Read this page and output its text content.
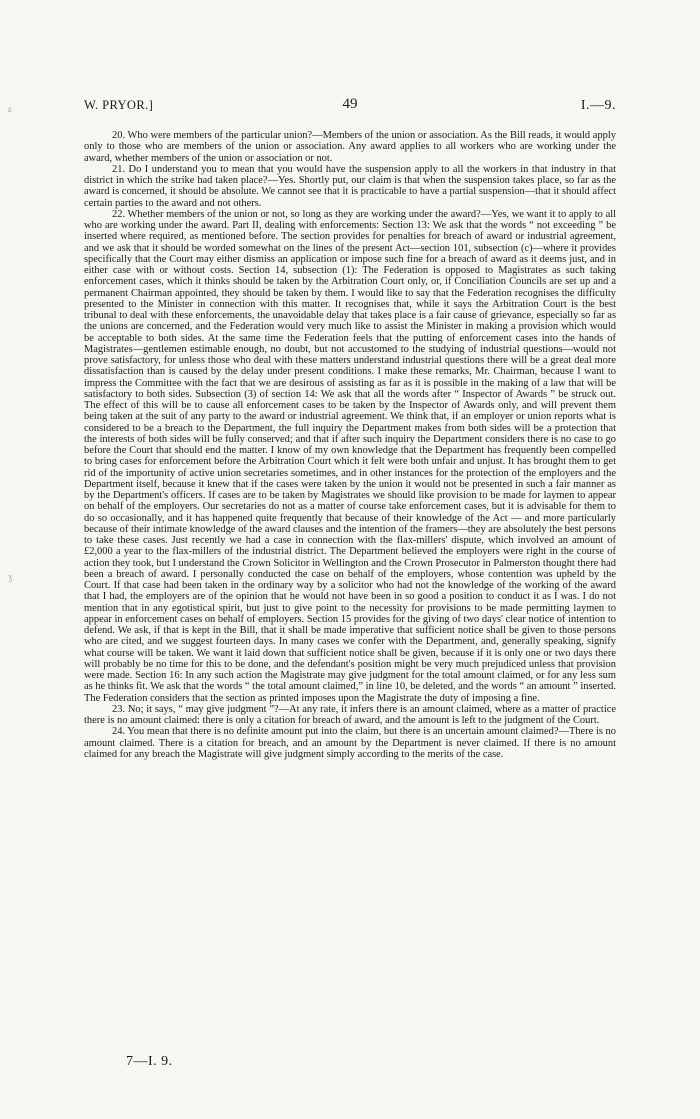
ɛ
ʒ
W. PRYOR.]	49	I.—9.

20. Who were members of the particular union?—Members of the union or association. As the Bill reads, it would apply only to those who are members of the union or association. Any award applies to all workers who are working under the award, whether members of the union or association or not.

21. Do I understand you to mean that you would have the suspension apply to all the workers in that industry in that district in which the strike had taken place?—Yes. Shortly put, our claim is that when the suspension takes place, so far as the award is concerned, it should be absolute. We cannot see that it is practicable to have a partial suspension—that it should affect certain parties to the award and not others.

22. Whether members of the union or not, so long as they are working under the award?—Yes, we want it to apply to all who are working under the award. Part II, dealing with enforcements: Section 13: We ask that the words “ not exceeding ” be inserted where required, as mentioned before. The section provides for penalties for breach of award or industrial agreement, and we ask that it should be worded somewhat on the lines of the present Act—section 101, subsection (c)—where it provides specifically that the Court may either dismiss an application or impose such fine for a breach of award as it deems just, and in either case with or without costs. Section 14, subsection (1): The Federation is opposed to Magistrates as such taking enforcement cases, which it thinks should be taken by the Arbitration Court only, or, if Conciliation Councils are set up and a permanent Chairman appointed, they should be taken by them. I would like to say that the Federation recognises the difficulty presented to the Minister in connection with this matter. It recognises that, while it says the Arbitration Court is the best tribunal to deal with these enforcements, the unavoidable delay that takes place is a fair cause of grievance, especially so far as the unions are concerned, and the Federation would very much like to assist the Minister in making a provision which would be acceptable to both sides. At the same time the Federation feels that the putting of enforcement cases into the hands of Magistrates—gentlemen estimable enough, no doubt, but not accustomed to the studying of industrial questions—would not prove satisfactory, for unless those who deal with these matters understand industrial questions there will be a great deal more dissatisfaction than is caused by the delay under present conditions. I make these remarks, Mr. Chairman, because I want to impress the Committee with the fact that we are desirous of assisting as far as it is possible in the making of a law that will be satisfactory to both sides. Subsection (3) of section 14: We ask that all the words after “ Inspector of Awards ” be struck out. The effect of this will be to cause all enforcement cases to be taken by the Inspector of Awards only, and will prevent them being taken at the suit of any party to the award or industrial agreement. We think that, if an employer or union reports what is considered to be a breach to the Department, the full inquiry the Department makes from both sides will be a protection that the interests of both sides will be fully conserved; and that if after such inquiry the Department considers there is no case to go before the Court that should end the matter. I know of my own knowledge that the Department has frequently been compelled to bring cases for enforcement before the Arbitration Court which it felt were both unfair and unjust. It has brought them to get rid of the importunity of active union secretaries sometimes, and in other instances for the protection of the employers and the Department itself, because it knew that if the cases were taken by the union it would not be presented in such a fair manner as by the Department's officers. If cases are to be taken by Magistrates we should like provision to be made for laymen to appear on behalf of the employers. Our secretaries do not as a matter of course take enforcement cases, but it is advisable for them to do so occasionally, and it has happened quite frequently that because of their knowledge of the Act — and more particularly because of their intimate knowledge of the award clauses and the intention of the framers—they are absolutely the best persons to take these cases. Just recently we had a case in connection with the flax-millers' dispute, which involved an amount of £2,000 a year to the flax-millers of the industrial district. The Department believed the employers were right in the course of action they took, but I understand the Crown Solicitor in Wellington and the Crown Prosecutor in Palmerston thought there had been a breach of award. I personally conducted the case on behalf of the employers, whose contention was upheld by the Court. If that case had been taken in the ordinary way by a solicitor who had not the knowledge of the working of the award that I had, the employers are of the opinion that he would not have been in so good a position to conduct it as I was. I do not mention that in any egotistical spirit, but just to give point to the necessity for provisions to be made permitting laymen to appear in enforcement cases on behalf of employers. Section 15 provides for the giving of two days' clear notice of intention to defend. We ask, if that is kept in the Bill, that it shall be made imperative that sufficient notice shall be given to those persons who are cited, and we suggest fourteen days. In many cases we confer with the Department, and, generally speaking, signify what course will be taken. We want it laid down that sufficient notice shall be given, because if it is only one or two days there will probably be no time for this to be done, and the defendant's position might be very much prejudiced unless that provision were made. Section 16: In any such action the Magistrate may give judgment for the total amount claimed, or for any less sum as he thinks fit. We ask that the words “ the total amount claimed,” in line 10, be deleted, and the words “ an amount ” inserted. The Federation considers that the section as printed imposes upon the Magistrate the duty of imposing a fine.

23. No; it says, “ may give judgment ”?—At any rate, it infers there is an amount claimed, where as a matter of practice there is no amount claimed: there is only a citation for breach of award, and the amount is left to the judgment of the Court.

24. You mean that there is no definite amount put into the claim, but there is an uncertain amount claimed?—There is no amount claimed. There is a citation for breach, and an amount by the Department is never claimed. If there is no amount claimed for any breach the Magistrate will give judgment simply according to the merits of the case.

7—I. 9.
